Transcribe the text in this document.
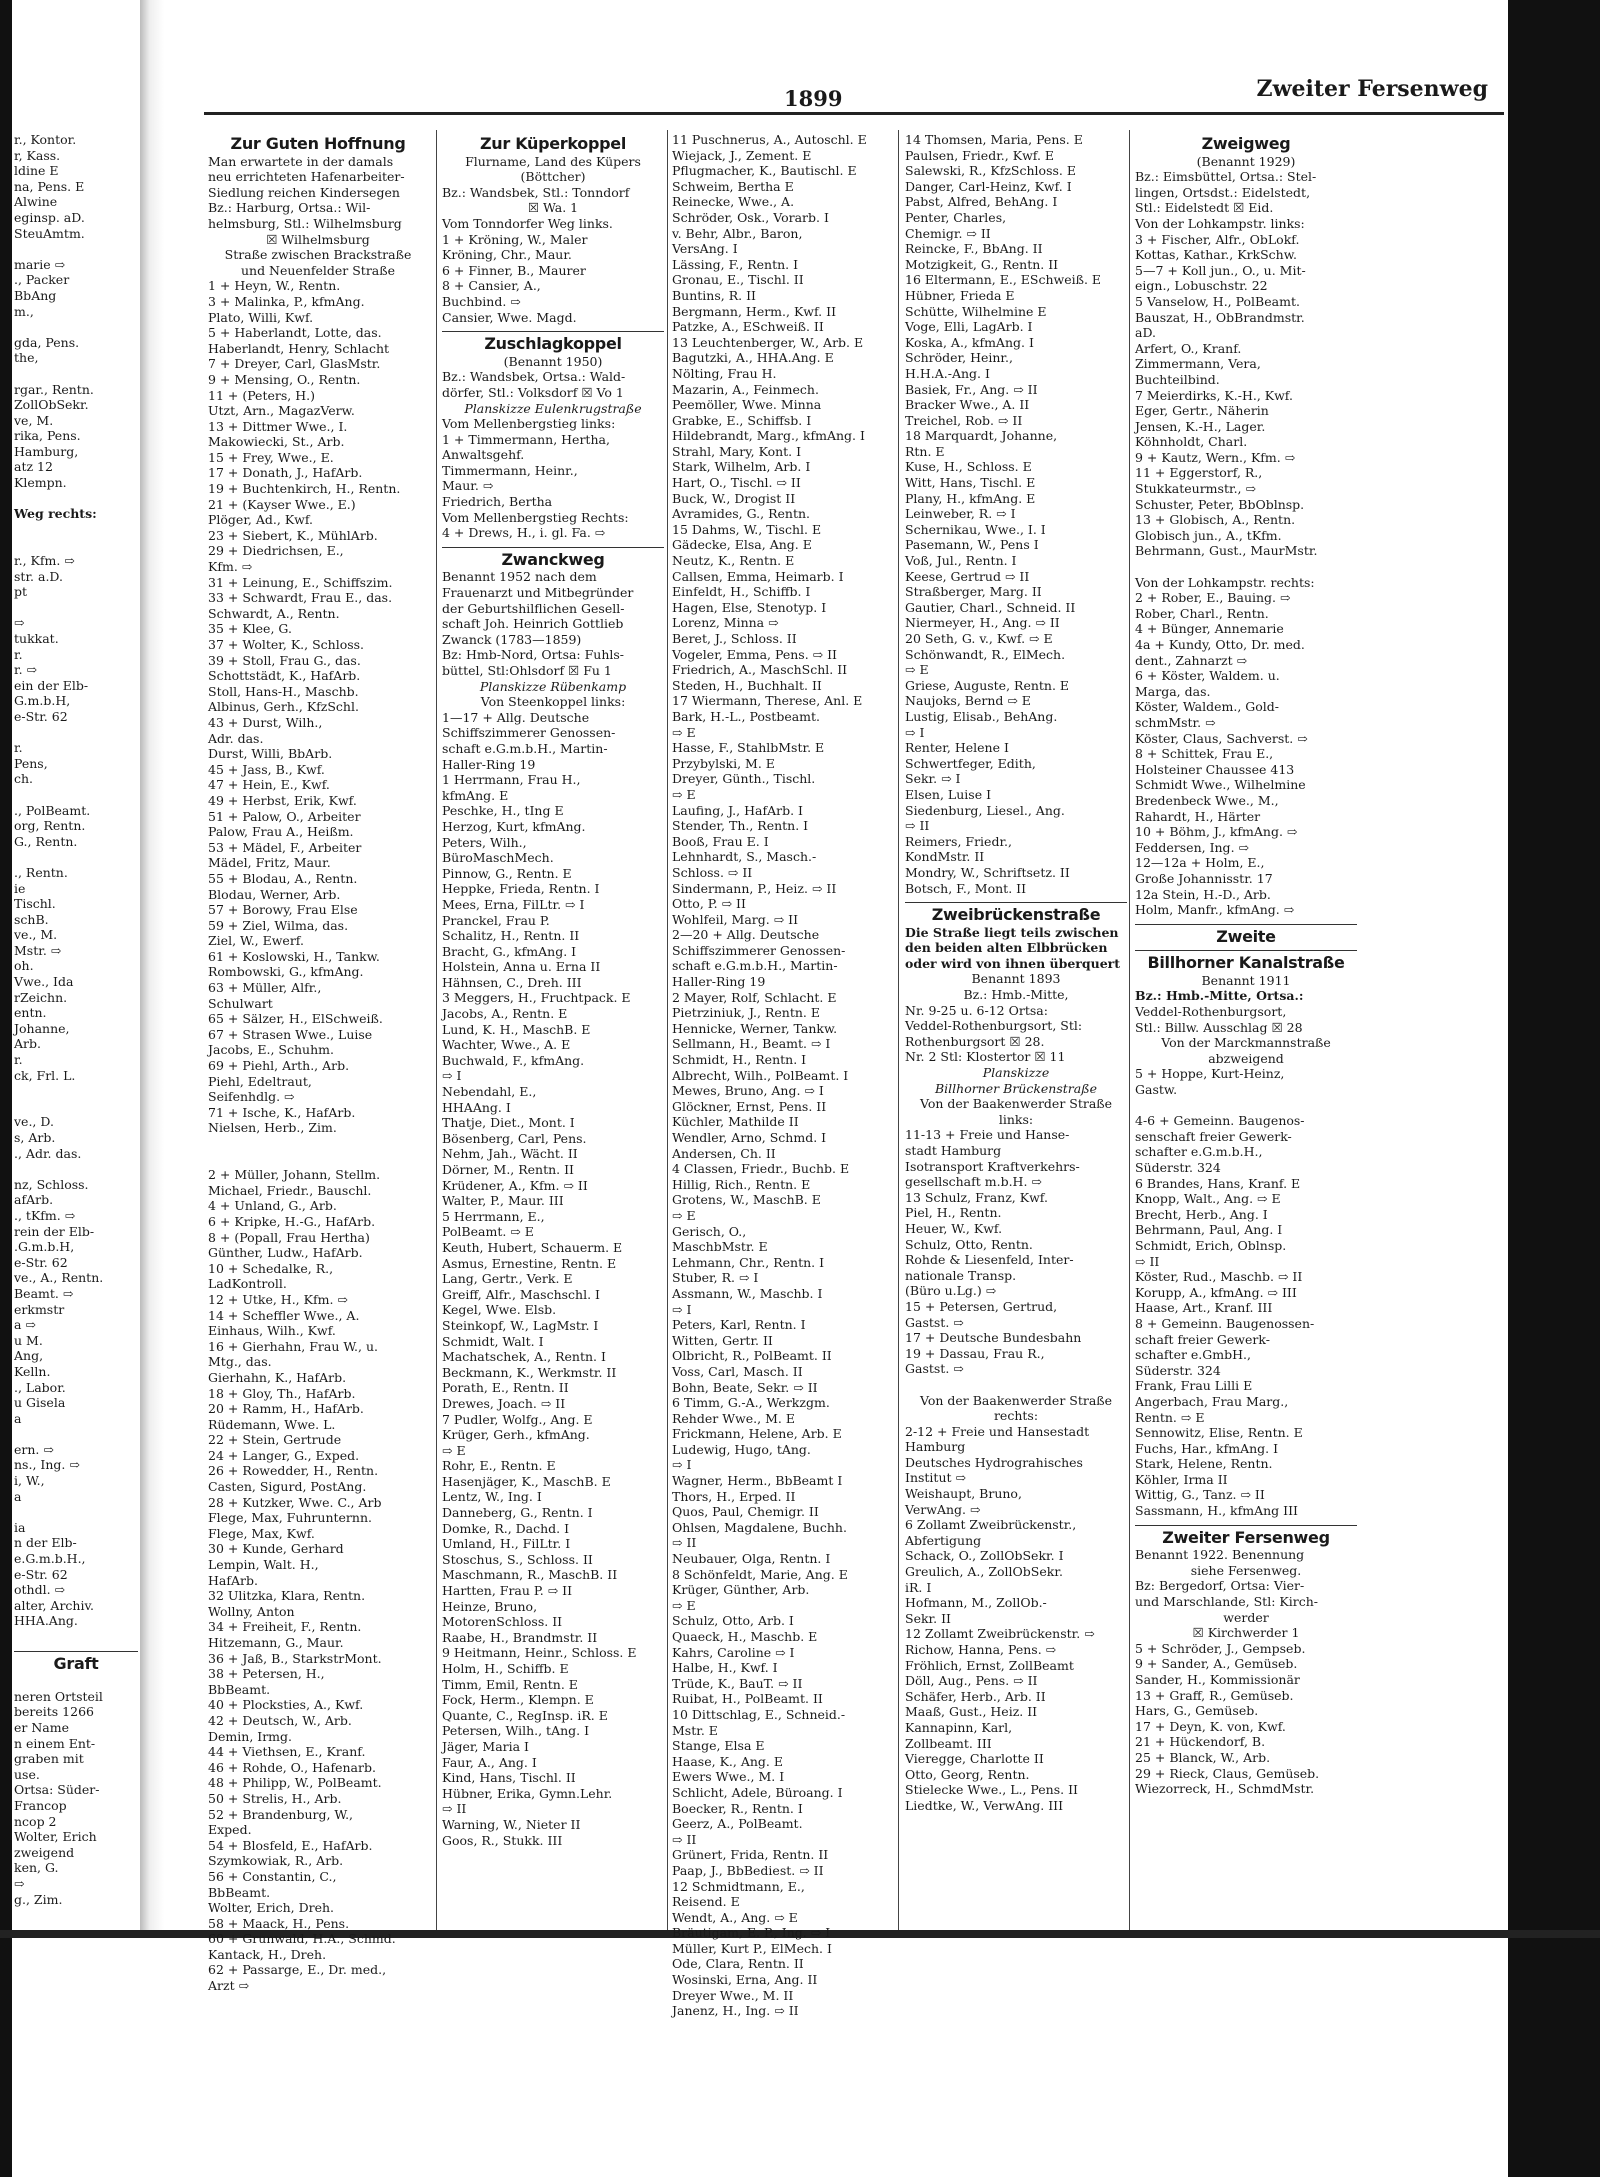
1899	Zweiter Fersenweg

r., Kontor.

r, Kass.

ldine E

na, Pens. E

Alwine

eginsp. aD.

SteuAmtm.

marie ⇨

., Packer

BbAng

m.,

gda, Pens.

the,

rgar., Rentn.

ZollObSekr.

ve, M.

rika, Pens.

Hamburg,

atz 12

Klempn.

Weg rechts:

r., Kfm. ⇨

str. a.D.

pt

⇨

tukkat.

r.

r. ⇨

ein der Elb-

G.m.b.H,

e-Str. 62

r.

Pens,

ch.

., PolBeamt.

org, Rentn.

G., Rentn.

., Rentn.

ie

Tischl.

schB.

ve., M.

Mstr. ⇨

oh.

Vwe., Ida

rZeichn.

entn.

Johanne,

Arb.

r.

ck, Frl. L.

ve., D.

s, Arb.

., Adr. das.

nz, Schloss.

afArb.

., tKfm. ⇨

rein der Elb-

.G.m.b.H,

e-Str. 62

ve., A., Rentn.

Beamt. ⇨

erkmstr

a ⇨

u M.

Ang,

Kelln.

., Labor.

u Gisela

a

ern. ⇨

ns., Ing. ⇨

i, W.,

a

ia

n der Elb-

e.G.m.b.H.,

e-Str. 62

othdl. ⇨

alter, Archiv.

HHA.Ang.

Graft

neren Ortsteil

bereits 1266

er Name

n einem Ent-

graben mit

use.

Ortsa: Süder-

Francop

ncop 2

Wolter, Erich

zweigend

ken, G.

⇨

g., Zim.

Zur Guten Hoffnung

Man erwartete in der damals

neu errichteten Hafenarbeiter-

Siedlung reichen Kindersegen

Bz.: Harburg, Ortsa.: Wil-

helmsburg, Stl.: Wilhelmsburg

☒ Wilhelmsburg

Straße zwischen Brackstraße

und Neuenfelder Straße

1 + Heyn, W., Rentn.

3 + Malinka, P., kfmAng.

Plato, Willi, Kwf.

5 + Haberlandt, Lotte, das.

Haberlandt, Henry, Schlacht

7 + Dreyer, Carl, GlasMstr.

9 + Mensing, O., Rentn.

11 + (Peters, H.)

Utzt, Arn., MagazVerw.

13 + Dittmer Wwe., I.

Makowiecki, St., Arb.

15 + Frey, Wwe., E.

17 + Donath, J., HafArb.

19 + Buchtenkirch, H., Rentn.

21 + (Kayser Wwe., E.)

Plöger, Ad., Kwf.

23 + Siebert, K., MühlArb.

29 + Diedrichsen, E.,

Kfm. ⇨

31 + Leinung, E., Schiffszim.

33 + Schwardt, Frau E., das.

Schwardt, A., Rentn.

35 + Klee, G.

37 + Wolter, K., Schloss.

39 + Stoll, Frau G., das.

Schottstädt, K., HafArb.

Stoll, Hans-H., Maschb.

Albinus, Gerh., KfzSchl.

43 + Durst, Wilh.,

Adr. das.

Durst, Willi, BbArb.

45 + Jass, B., Kwf.

47 + Hein, E., Kwf.

49 + Herbst, Erik, Kwf.

51 + Palow, O., Arbeiter

Palow, Frau A., Heißm.

53 + Mädel, F., Arbeiter

Mädel, Fritz, Maur.

55 + Blodau, A., Rentn.

Blodau, Werner, Arb.

57 + Borowy, Frau Else

59 + Ziel, Wilma, das.

Ziel, W., Ewerf.

61 + Koslowski, H., Tankw.

Rombowski, G., kfmAng.

63 + Müller, Alfr.,

Schulwart

65 + Sälzer, H., ElSchweiß.

67 + Strasen Wwe., Luise

Jacobs, E., Schuhm.

69 + Piehl, Arth., Arb.

Piehl, Edeltraut,

Seifenhdlg. ⇨

71 + Ische, K., HafArb.

Nielsen, Herb., Zim.

2 + Müller, Johann, Stellm.

Michael, Friedr., Bauschl.

4 + Unland, G., Arb.

6 + Kripke, H.-G., HafArb.

8 + (Popall, Frau Hertha)

Günther, Ludw., HafArb.

10 + Schedalke, R.,

LadKontroll.

12 + Utke, H., Kfm. ⇨

14 + Scheffler Wwe., A.

Einhaus, Wilh., Kwf.

16 + Gierhahn, Frau W., u.

Mtg., das.

Gierhahn, K., HafArb.

18 + Gloy, Th., HafArb.

20 + Ramm, H., HafArb.

Rüdemann, Wwe. L.

22 + Stein, Gertrude

24 + Langer, G., Exped.

26 + Rowedder, H., Rentn.

Casten, Sigurd, PostAng.

28 + Kutzker, Wwe. C., Arb

Flege, Max, Fuhrunternn.

Flege, Max, Kwf.

30 + Kunde, Gerhard

Lempin, Walt. H.,

HafArb.

32 Ulitzka, Klara, Rentn.

Wollny, Anton

34 + Freiheit, F., Rentn.

Hitzemann, G., Maur.

36 + Jaß, B., StarkstrMont.

38 + Petersen, H.,

BbBeamt.

40 + Plocksties, A., Kwf.

42 + Deutsch, W., Arb.

Demin, Irmg.

44 + Viethsen, E., Kranf.

46 + Rohde, O., Hafenarb.

48 + Philipp, W., PolBeamt.

50 + Strelis, H., Arb.

52 + Brandenburg, W.,

Exped.

54 + Blosfeld, E., HafArb.

Szymkowiak, R., Arb.

56 + Constantin, C.,

BbBeamt.

Wolter, Erich, Dreh.

58 + Maack, H., Pens.

60 + Grunwald, H.A., Schmd.

Kantack, H., Dreh.

62 + Passarge, E., Dr. med.,

Arzt ⇨

Zur Küperkoppel

Flurname, Land des Küpers

(Böttcher)

Bz.: Wandsbek, Stl.: Tonndorf

☒ Wa. 1

Vom Tonndorfer Weg links.

1 + Kröning, W., Maler

Kröning, Chr., Maur.

6 + Finner, B., Maurer

8 + Cansier, A.,

Buchbind. ⇨

Cansier, Wwe. Magd.

Zuschlagkoppel

(Benannt 1950)

Bz.: Wandsbek, Ortsa.: Wald-

dörfer, Stl.: Volksdorf ☒ Vo 1

Planskizze Eulenkrugstraße

Vom Mellenbergstieg links:

1 + Timmermann, Hertha,

Anwaltsgehf.

Timmermann, Heinr.,

Maur. ⇨

Friedrich, Bertha

Vom Mellenbergstieg Rechts:

4 + Drews, H., i. gl. Fa. ⇨

Zwanckweg

Benannt 1952 nach dem

Frauenarzt und Mitbegründer

der Geburtshilflichen Gesell-

schaft Joh. Heinrich Gottlieb

Zwanck (1783—1859)

Bz: Hmb-Nord, Ortsa: Fuhls-

büttel, Stl:Ohlsdorf ☒ Fu 1

Planskizze Rübenkamp

Von Steenkoppel links:

1—17 + Allg. Deutsche

Schiffszimmerer Genossen-

schaft e.G.m.b.H., Martin-

Haller-Ring 19

1 Herrmann, Frau H.,

kfmAng. E

Peschke, H., tIng E

Herzog, Kurt, kfmAng.

Peters, Wilh.,

BüroMaschMech.

Pinnow, G., Rentn. E

Heppke, Frieda, Rentn. I

Mees, Erna, FilLtr. ⇨ I

Pranckel, Frau P.

Schalitz, H., Rentn. II

Bracht, G., kfmAng. I

Holstein, Anna u. Erna II

Hähnsen, C., Dreh. III

3 Meggers, H., Fruchtpack. E

Jacobs, A., Rentn. E

Lund, K. H., MaschB. E

Wachter, Wwe., A. E

Buchwald, F., kfmAng.

⇨ I

Nebendahl, E.,

HHAAng. I

Thatje, Diet., Mont. I

Bösenberg, Carl, Pens.

Nehm, Jah., Wächt. II

Dörner, M., Rentn. II

Krüdener, A., Kfm. ⇨ II

Walter, P., Maur. III

5 Herrmann, E.,

PolBeamt. ⇨ E

Keuth, Hubert, Schauerm. E

Asmus, Ernestine, Rentn. E

Lang, Gertr., Verk. E

Greiff, Alfr., Maschschl. I

Kegel, Wwe. Elsb.

Steinkopf, W., LagMstr. I

Schmidt, Walt. I

Machatschek, A., Rentn. I

Beckmann, K., Werkmstr. II

Porath, E., Rentn. II

Drewes, Joach. ⇨ II

7 Pudler, Wolfg., Ang. E

Krüger, Gerh., kfmAng.

⇨ E

Rohr, E., Rentn. E

Hasenjäger, K., MaschB. E

Lentz, W., Ing. I

Danneberg, G., Rentn. I

Domke, R., Dachd. I

Umland, H., FilLtr. I

Stoschus, S., Schloss. II

Maschmann, R., MaschB. II

Hartten, Frau P. ⇨ II

Heinze, Bruno,

MotorenSchloss. II

Raabe, H., Brandmstr. II

9 Heitmann, Heinr., Schloss. E

Holm, H., Schiffb. E

Timm, Emil, Rentn. E

Fock, Herm., Klempn. E

Quante, C., RegInsp. iR. E

Petersen, Wilh., tAng. I

Jäger, Maria I

Faur, A., Ang. I

Kind, Hans, Tischl. II

Hübner, Erika, Gymn.Lehr.

⇨ II

Warning, W., Nieter II

Goos, R., Stukk. III

11 Puschnerus, A., Autoschl. E

Wiejack, J., Zement. E

Pflugmacher, K., Bautischl. E

Schweim, Bertha E

Reinecke, Wwe., A.

Schröder, Osk., Vorarb. I

v. Behr, Albr., Baron,

VersAng. I

Lässing, F., Rentn. I

Gronau, E., Tischl. II

Buntins, R. II

Bergmann, Herm., Kwf. II

Patzke, A., ESchweiß. II

13 Leuchtenberger, W., Arb. E

Bagutzki, A., HHA.Ang. E

Nölting, Frau H.

Mazarin, A., Feinmech.

Peemöller, Wwe. Minna

Grabke, E., Schiffsb. I

Hildebrandt, Marg., kfmAng. I

Strahl, Mary, Kont. I

Stark, Wilhelm, Arb. I

Hart, O., Tischl. ⇨ II

Buck, W., Drogist II

Avramides, G., Rentn.

15 Dahms, W., Tischl. E

Gädecke, Elsa, Ang. E

Neutz, K., Rentn. E

Callsen, Emma, Heimarb. I

Einfeldt, H., Schiffb. I

Hagen, Else, Stenotyp. I

Lorenz, Minna ⇨

Beret, J., Schloss. II

Vogeler, Emma, Pens. ⇨ II

Friedrich, A., MaschSchl. II

Steden, H., Buchhalt. II

17 Wiermann, Therese, Anl. E

Bark, H.-L., Postbeamt.

⇨ E

Hasse, F., StahlbMstr. E

Przybylski, M. E

Dreyer, Günth., Tischl.

⇨ E

Laufing, J., HafArb. I

Stender, Th., Rentn. I

Booß, Frau E. I

Lehnhardt, S., Masch.-

Schloss. ⇨ II

Sindermann, P., Heiz. ⇨ II

Otto, P. ⇨ II

Wohlfeil, Marg. ⇨ II

2—20 + Allg. Deutsche

Schiffszimmerer Genossen-

schaft e.G.m.b.H., Martin-

Haller-Ring 19

2 Mayer, Rolf, Schlacht. E

Pietrziniuk, J., Rentn. E

Hennicke, Werner, Tankw.

Sellmann, H., Beamt. ⇨ I

Schmidt, H., Rentn. I

Albrecht, Wilh., PolBeamt. I

Mewes, Bruno, Ang. ⇨ I

Glöckner, Ernst, Pens. II

Küchler, Mathilde II

Wendler, Arno, Schmd. I

Andersen, Ch. II

4 Classen, Friedr., Buchb. E

Hillig, Rich., Rentn. E

Grotens, W., MaschB. E

⇨ E

Gerisch, O.,

MaschbMstr. E

Lehmann, Chr., Rentn. I

Stuber, R. ⇨ I

Assmann, W., Maschb. I

⇨ I

Peters, Karl, Rentn. I

Witten, Gertr. II

Olbricht, R., PolBeamt. II

Voss, Carl, Masch. II

Bohn, Beate, Sekr. ⇨ II

6 Timm, G.-A., Werkzgm.

Rehder Wwe., M. E

Frickmann, Helene, Arb. E

Ludewig, Hugo, tAng.

⇨ I

Wagner, Herm., BbBeamt I

Thors, H., Erped. II

Quos, Paul, Chemigr. II

Ohlsen, Magdalene, Buchh.

⇨ II

Neubauer, Olga, Rentn. I

8 Schönfeldt, Marie, Ang. E

Krüger, Günther, Arb.

⇨ E

Schulz, Otto, Arb. I

Quaeck, H., Maschb. E

Kahrs, Caroline ⇨ I

Halbe, H., Kwf. I

Trüde, K., BauT. ⇨ II

Ruibat, H., PolBeamt. II

10 Dittschlag, E., Schneid.-

Mstr. E

Stange, Elsa E

Haase, K., Ang. E

Ewers Wwe., M. I

Schlicht, Adele, Büroang. I

Boecker, R., Rentn. I

Geerz, A., PolBeamt.

⇨ II

Grünert, Frida, Rentn. II

Paap, J., BbBediest. ⇨ II

12 Schmidtmann, E.,

Reisend. E

Wendt, A., Ang. ⇨ E

Bräutigam, E. P., Ing. ⇨ I

Müller, Kurt P., ElMech. I

Ode, Clara, Rentn. II

Wosinski, Erna, Ang. II

Dreyer Wwe., M. II

Janenz, H., Ing. ⇨ II

14 Thomsen, Maria, Pens. E

Paulsen, Friedr., Kwf. E

Salewski, R., KfzSchloss. E

Danger, Carl-Heinz, Kwf. I

Pabst, Alfred, BehAng. I

Penter, Charles,

Chemigr. ⇨ II

Reincke, F., BbAng. II

Motzigkeit, G., Rentn. II

16 Eltermann, E., ESchweiß. E

Hübner, Frieda E

Schütte, Wilhelmine E

Voge, Elli, LagArb. I

Koska, A., kfmAng. I

Schröder, Heinr.,

H.H.A.-Ang. I

Basiek, Fr., Ang. ⇨ II

Bracker Wwe., A. II

Treichel, Rob. ⇨ II

18 Marquardt, Johanne,

Rtn. E

Kuse, H., Schloss. E

Witt, Hans, Tischl. E

Plany, H., kfmAng. E

Leinweber, R. ⇨ I

Schernikau, Wwe., I. I

Pasemann, W., Pens I

Voß, Jul., Rentn. I

Keese, Gertrud ⇨ II

Straßberger, Marg. II

Gautier, Charl., Schneid. II

Niermeyer, H., Ang. ⇨ II

20 Seth, G. v., Kwf. ⇨ E

Schönwandt, R., ElMech.

⇨ E

Griese, Auguste, Rentn. E

Naujoks, Bernd ⇨ E

Lustig, Elisab., BehAng.

⇨ I

Renter, Helene I

Schwertfeger, Edith,

Sekr. ⇨ I

Elsen, Luise I

Siedenburg, Liesel., Ang.

⇨ II

Reimers, Friedr.,

KondMstr. II

Mondry, W., Schriftsetz. II

Botsch, F., Mont. II

Zweibrückenstraße

Die Straße liegt teils zwischen

den beiden alten Elbbrücken

oder wird von ihnen überquert

Benannt 1893

Bz.: Hmb.-Mitte,

Nr. 9-25 u. 6-12 Ortsa:

Veddel-Rothenburgsort, Stl:

Rothenburgsort ☒ 28.

Nr. 2 Stl: Klostertor ☒ 11

Planskizze

Billhorner Brückenstraße

Von der Baakenwerder Straße

links:

11-13 + Freie und Hanse-

stadt Hamburg

Isotransport Kraftverkehrs-

gesellschaft m.b.H. ⇨

13 Schulz, Franz, Kwf.

Piel, H., Rentn.

Heuer, W., Kwf.

Schulz, Otto, Rentn.

Rohde & Liesenfeld, Inter-

nationale Transp.

(Büro u.Lg.) ⇨

15 + Petersen, Gertrud,

Gastst. ⇨

17 + Deutsche Bundesbahn

19 + Dassau, Frau R.,

Gastst. ⇨

Von der Baakenwerder Straße

rechts:

2-12 + Freie und Hansestadt

Hamburg

Deutsches Hydrograhisches

Institut ⇨

Weishaupt, Bruno,

VerwAng. ⇨

6 Zollamt Zweibrückenstr.,

Abfertigung

Schack, O., ZollObSekr. I

Greulich, A., ZollObSekr.

iR. I

Hofmann, M., ZollOb.-

Sekr. II

12 Zollamt Zweibrückenstr. ⇨

Richow, Hanna, Pens. ⇨

Fröhlich, Ernst, ZollBeamt

Döll, Aug., Pens. ⇨ II

Schäfer, Herb., Arb. II

Maaß, Gust., Heiz. II

Kannapinn, Karl,

Zollbeamt. III

Vieregge, Charlotte II

Otto, Georg, Rentn.

Stielecke Wwe., L., Pens. II

Liedtke, W., VerwAng. III

Zweigweg

(Benannt 1929)

Bz.: Eimsbüttel, Ortsa.: Stel-

lingen, Ortsdst.: Eidelstedt,

Stl.: Eidelstedt ☒ Eid.

Von der Lohkampstr. links:

3 + Fischer, Alfr., ObLokf.

Kottas, Kathar., KrkSchw.

5—7 + Koll jun., O., u. Mit-

eign., Lobuschstr. 22

5 Vanselow, H., PolBeamt.

Bauszat, H., ObBrandmstr.

aD.

Arfert, O., Kranf.

Zimmermann, Vera,

Buchteilbind.

7 Meierdirks, K.-H., Kwf.

Eger, Gertr., Näherin

Jensen, K.-H., Lager.

Köhnholdt, Charl.

9 + Kautz, Wern., Kfm. ⇨

11 + Eggerstorf, R.,

Stukkateurmstr., ⇨

Schuster, Peter, BbOblnsp.

13 + Globisch, A., Rentn.

Globisch jun., A., tKfm.

Behrmann, Gust., MaurMstr.

Von der Lohkampstr. rechts:

2 + Rober, E., Bauing. ⇨

Rober, Charl., Rentn.

4 + Bünger, Annemarie

4a + Kundy, Otto, Dr. med.

dent., Zahnarzt ⇨

6 + Köster, Waldem. u.

Marga, das.

Köster, Waldem., Gold-

schmMstr. ⇨

Köster, Claus, Sachverst. ⇨

8 + Schittek, Frau E.,

Holsteiner Chaussee 413

Schmidt Wwe., Wilhelmine

Bredenbeck Wwe., M.,

Rahardt, H., Härter

10 + Böhm, J., kfmAng. ⇨

Feddersen, Ing. ⇨

12—12a + Holm, E.,

Große Johannisstr. 17

12a Stein, H.-D., Arb.

Holm, Manfr., kfmAng. ⇨

Zweite

Billhorner Kanalstraße

Benannt 1911

Bz.: Hmb.-Mitte, Ortsa.:

Veddel-Rothenburgsort,

Stl.: Billw. Ausschlag ☒ 28

Von der Marckmannstraße

abzweigend

5 + Hoppe, Kurt-Heinz,

Gastw.

4-6 + Gemeinn. Baugenos-

senschaft freier Gewerk-

schafter e.G.m.b.H.,

Süderstr. 324

6 Brandes, Hans, Kranf. E

Knopp, Walt., Ang. ⇨ E

Brecht, Herb., Ang. I

Behrmann, Paul, Ang. I

Schmidt, Erich, Oblnsp.

⇨ II

Köster, Rud., Maschb. ⇨ II

Korupp, A., kfmAng. ⇨ III

Haase, Art., Kranf. III

8 + Gemeinn. Baugenossen-

schaft freier Gewerk-

schafter e.GmbH.,

Süderstr. 324

Frank, Frau Lilli E

Angerbach, Frau Marg.,

Rentn. ⇨ E

Sennowitz, Elise, Rentn. E

Fuchs, Har., kfmAng. I

Stark, Helene, Rentn.

Köhler, Irma II

Wittig, G., Tanz. ⇨ II

Sassmann, H., kfmAng III

Zweiter Fersenweg

Benannt 1922. Benennung

siehe Fersenweg.

Bz: Bergedorf, Ortsa: Vier-

und Marschlande, Stl: Kirch-

werder

☒ Kirchwerder 1

5 + Schröder, J., Gempseb.

9 + Sander, A., Gemüseb.

Sander, H., Kommissionär

13 + Graff, R., Gemüseb.

Hars, G., Gemüseb.

17 + Deyn, K. von, Kwf.

21 + Hückendorf, B.

25 + Blanck, W., Arb.

29 + Rieck, Claus, Gemüseb.

Wiezorreck, H., SchmdMstr.
